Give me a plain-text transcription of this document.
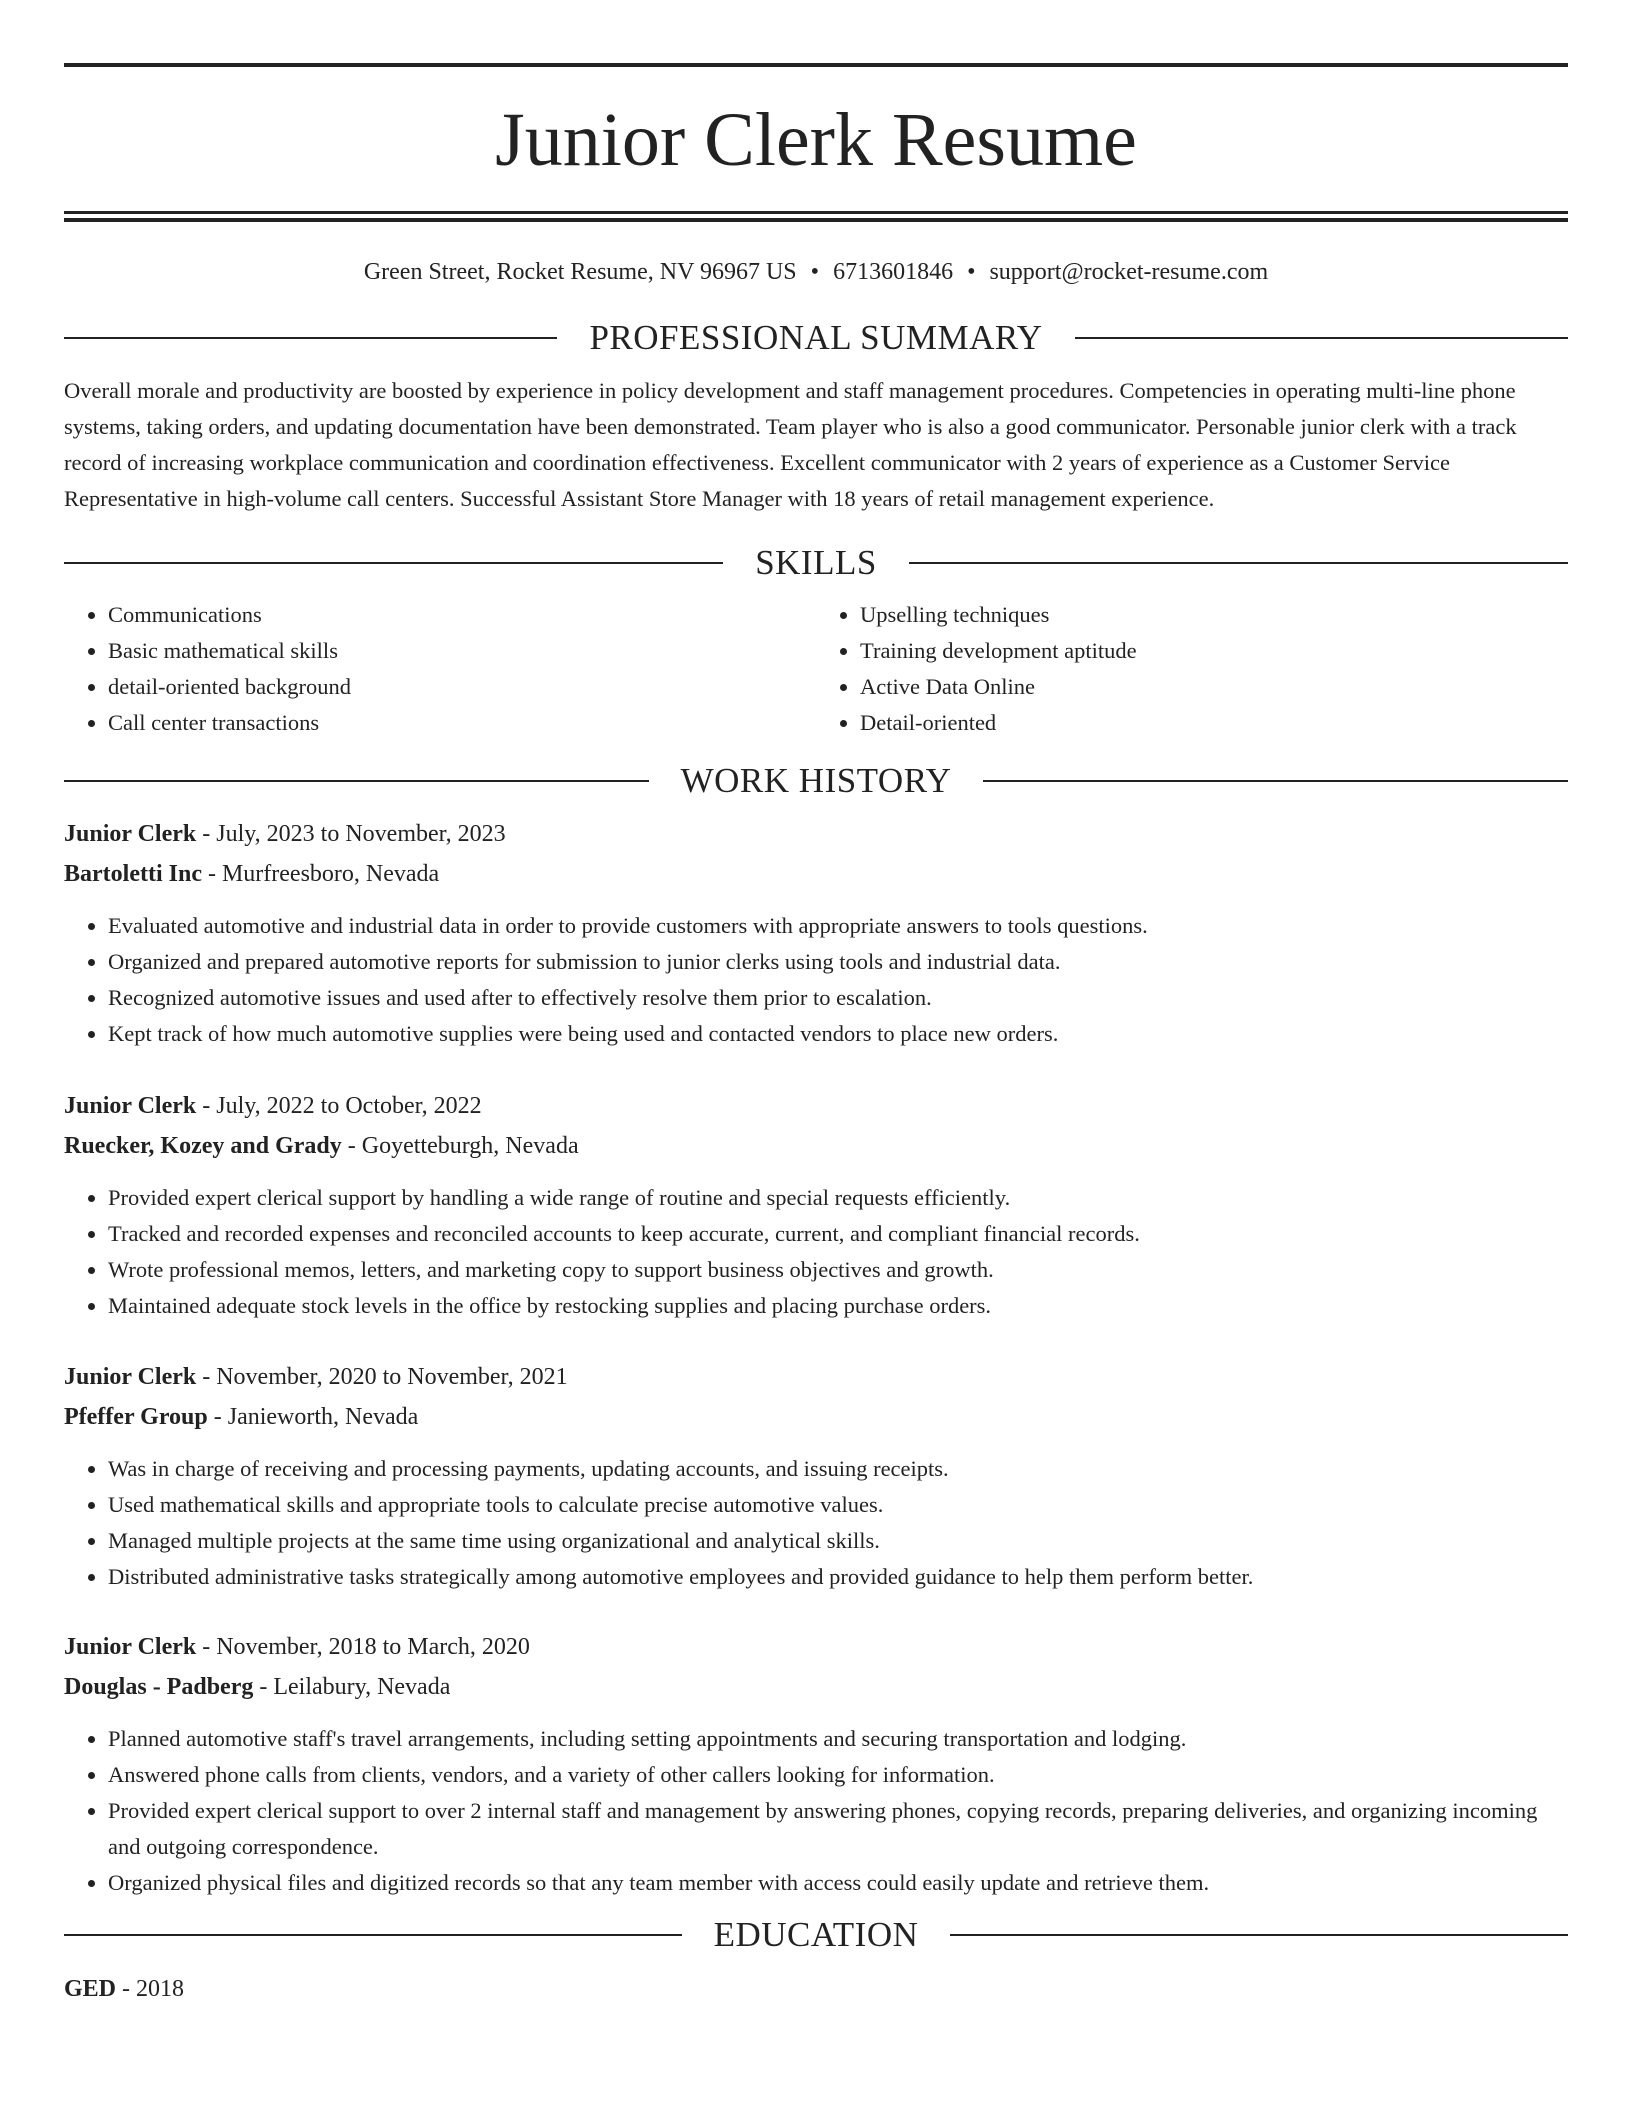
Junior Clerk Resume
Green Street, Rocket Resume, NV 96967 US • 6713601846 • support@rocket-resume.com
PROFESSIONAL SUMMARY

Overall morale and productivity are boosted by experience in policy development and staff management procedures. Competencies in operating multi-line phone systems, taking orders, and updating documentation have been demonstrated. Team player who is also a good communicator. Personable junior clerk with a track record of increasing workplace communication and coordination effectiveness. Excellent communicator with 2 years of experience as a Customer Service Representative in high-volume call centers. Successful Assistant Store Manager with 18 years of retail management experience.

SKILLS
• Communications
• Basic mathematical skills
• detail-oriented background
• Call center transactions
• Upselling techniques
• Training development aptitude
• Active Data Online
• Detail-oriented
WORK HISTORY
Junior Clerk - July, 2023 to November, 2023
Bartoletti Inc - Murfreesboro, Nevada
• Evaluated automotive and industrial data in order to provide customers with appropriate answers to tools questions.
• Organized and prepared automotive reports for submission to junior clerks using tools and industrial data.
• Recognized automotive issues and used after to effectively resolve them prior to escalation.
• Kept track of how much automotive supplies were being used and contacted vendors to place new orders.
Junior Clerk - July, 2022 to October, 2022
Ruecker, Kozey and Grady - Goyetteburgh, Nevada
• Provided expert clerical support by handling a wide range of routine and special requests efficiently.
• Tracked and recorded expenses and reconciled accounts to keep accurate, current, and compliant financial records.
• Wrote professional memos, letters, and marketing copy to support business objectives and growth.
• Maintained adequate stock levels in the office by restocking supplies and placing purchase orders.
Junior Clerk - November, 2020 to November, 2021
Pfeffer Group - Janieworth, Nevada
• Was in charge of receiving and processing payments, updating accounts, and issuing receipts.
• Used mathematical skills and appropriate tools to calculate precise automotive values.
• Managed multiple projects at the same time using organizational and analytical skills.
• Distributed administrative tasks strategically among automotive employees and provided guidance to help them perform better.
Junior Clerk - November, 2018 to March, 2020
Douglas - Padberg - Leilabury, Nevada
• Planned automotive staff's travel arrangements, including setting appointments and securing transportation and lodging.
• Answered phone calls from clients, vendors, and a variety of other callers looking for information.
• Provided expert clerical support to over 2 internal staff and management by answering phones, copying records, preparing deliveries, and organizing incoming and outgoing correspondence.
• Organized physical files and digitized records so that any team member with access could easily update and retrieve them.
EDUCATION
GED - 2018
